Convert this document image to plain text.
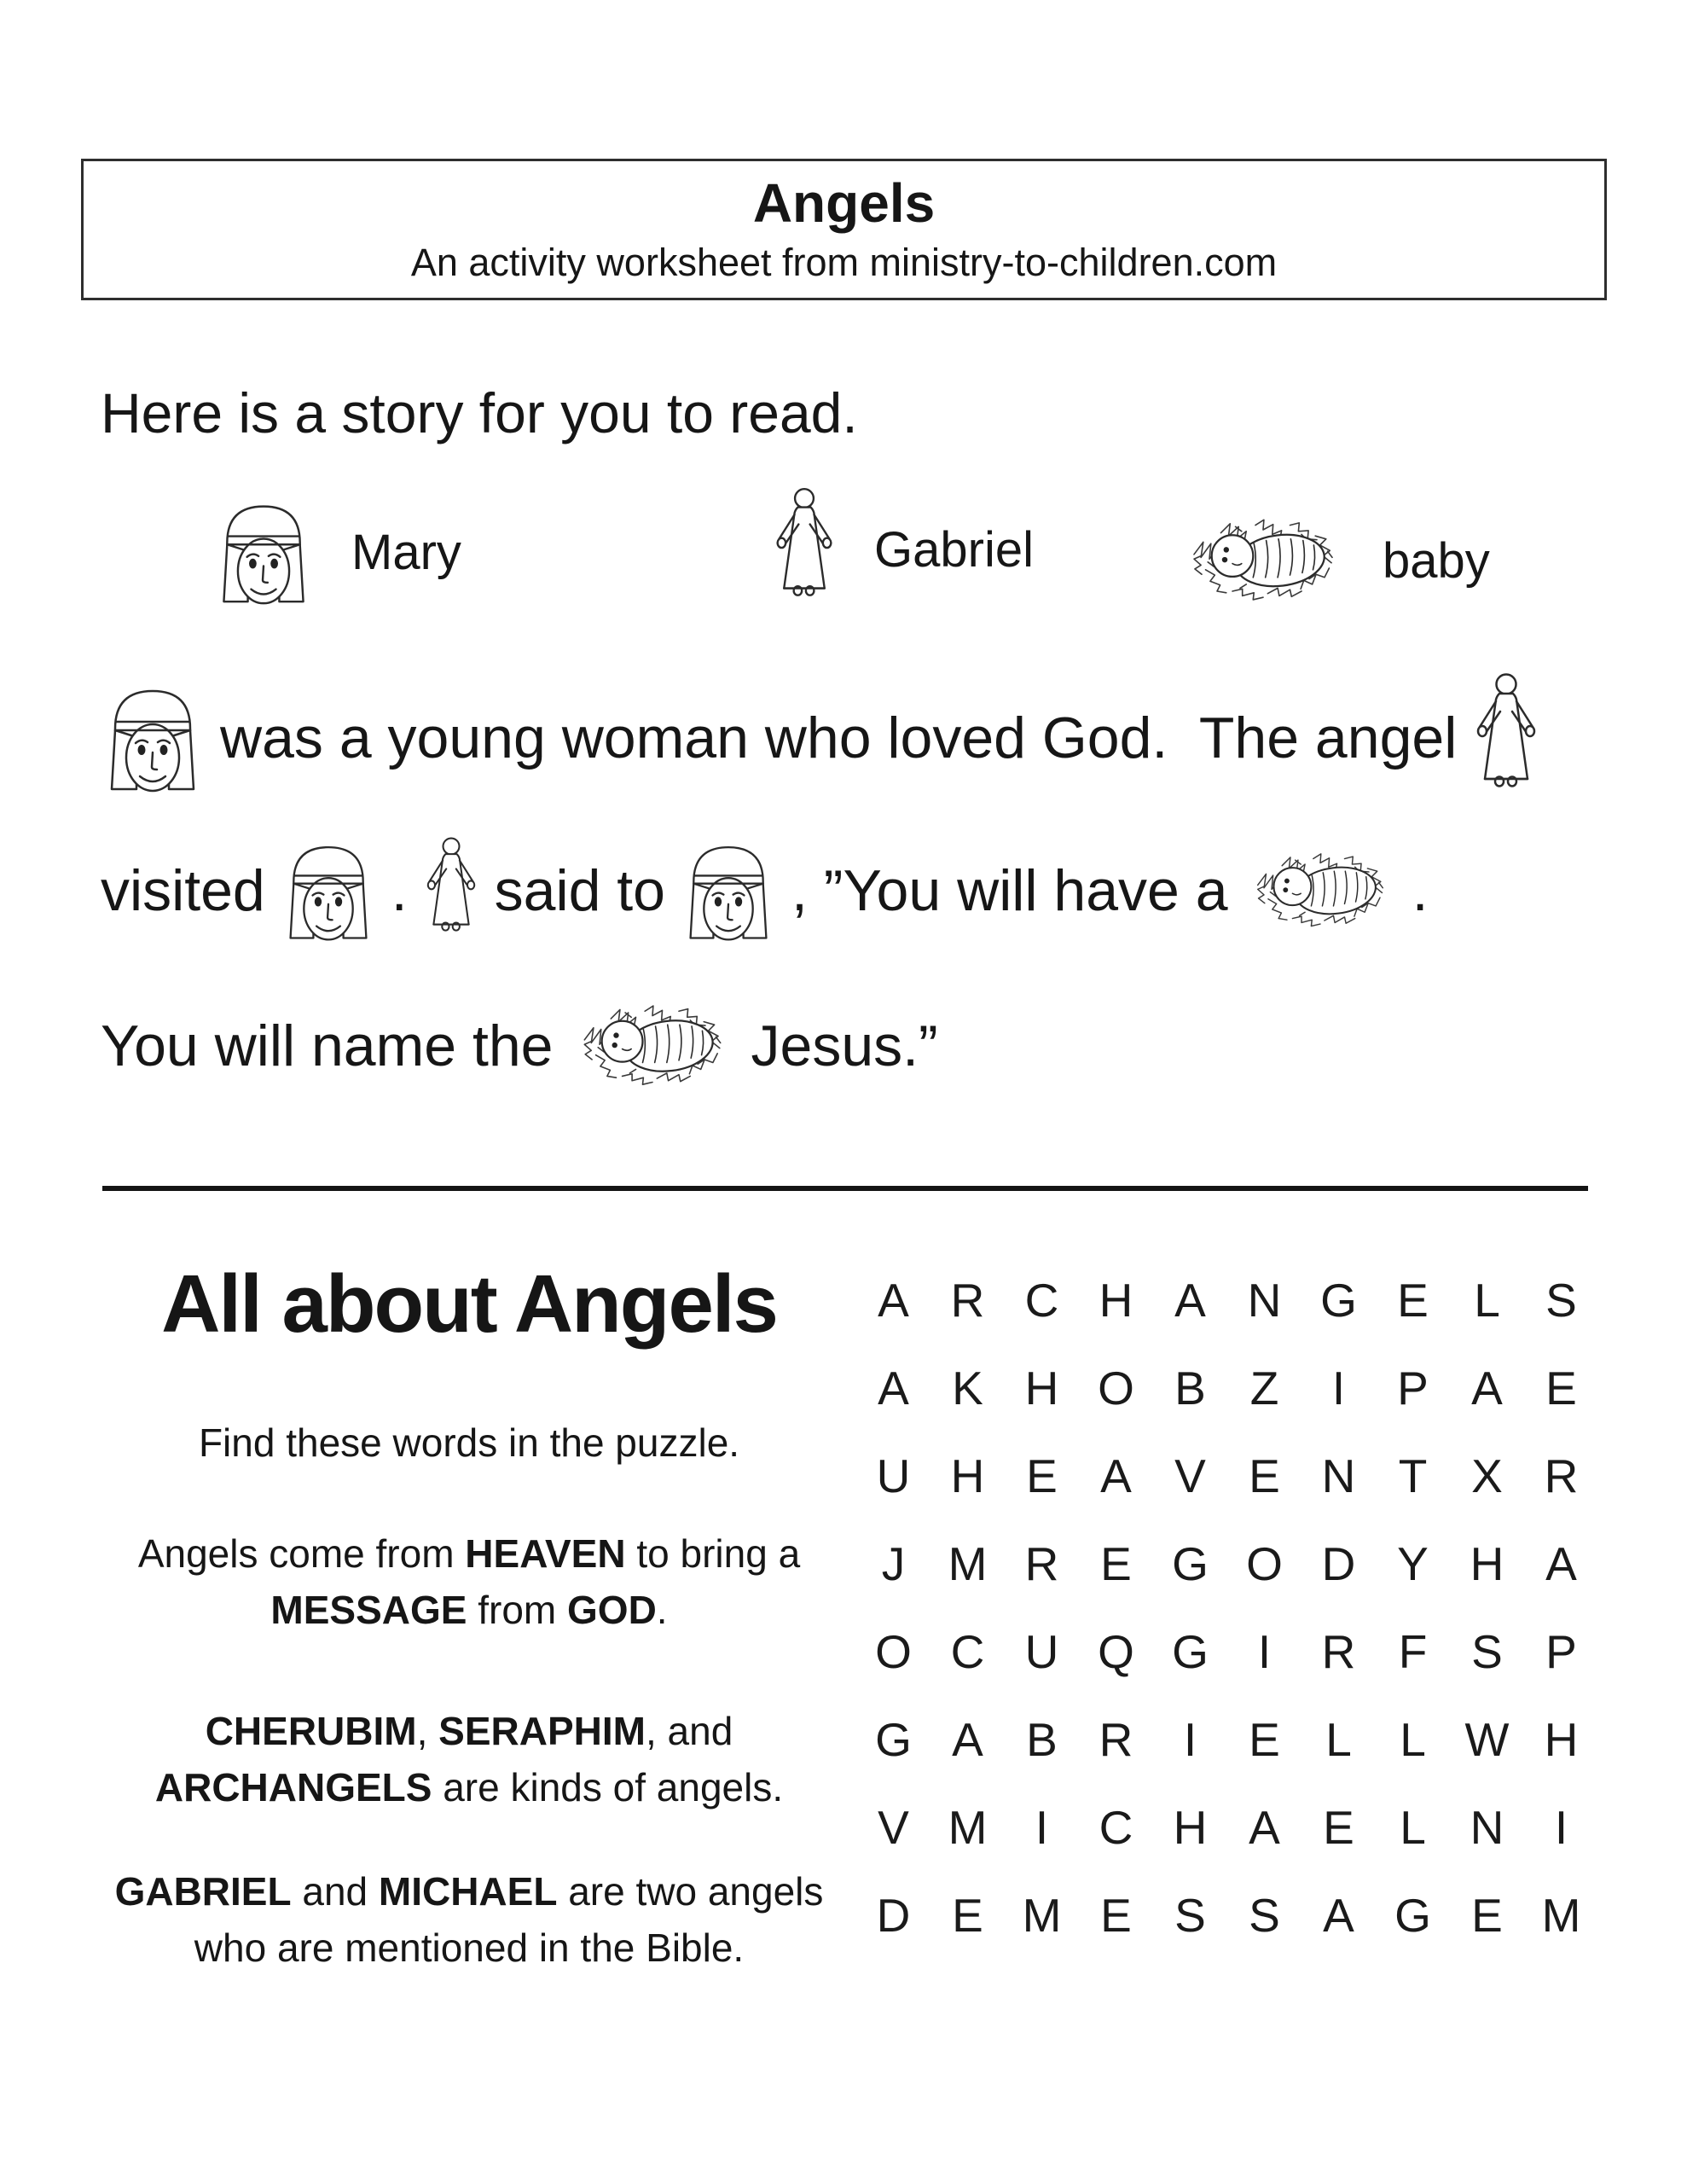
Angels
An activity worksheet from ministry-to-children.com
Here is a story for you to read.
Mary	Gabriel	baby
was a young woman who loved God.  The angel
visited . said to , ”You will have a	.
You will name the	Jesus.”
All about Angels
Find these words in the puzzle.
Angels come from HEAVEN to bring a
MESSAGE from GOD.
CHERUBIM, SERAPHIM, and
ARCHANGELS are kinds of angels.
GABRIEL and MICHAEL are two angels
who are mentioned in the Bible.
A R C H A N G E L S
A K H O B Z	I	P A E
U H E A V E N T X R
J M R E G O D Y H A
O C U Q G	I	R F S P
G A B R	I	E L	L W H
V M	I	C H A E L N	I
D E M E S S A G E M
